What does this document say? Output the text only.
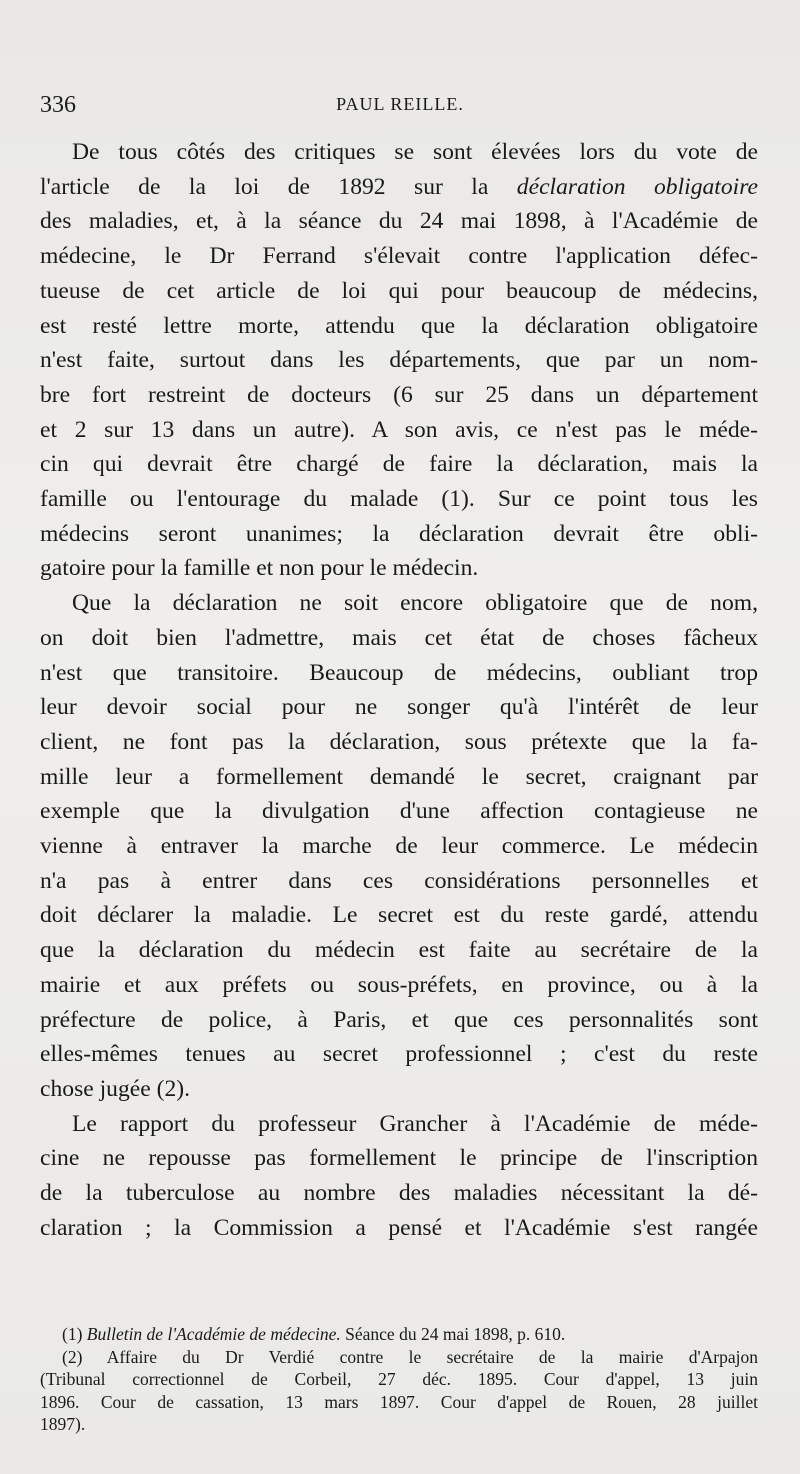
336	PAUL REILLE.
De tous côtés des critiques se sont élevées lors du vote de
l'article de la loi de 1892 sur la déclaration obligatoire
des maladies, et, à la séance du 24 mai 1898, à l'Académie de
médecine, le Dr Ferrand s'élevait contre l'application défec-
tueuse de cet article de loi qui pour beaucoup de médecins,
est resté lettre morte, attendu que la déclaration obligatoire
n'est faite, surtout dans les départements, que par un nom-
bre fort restreint de docteurs (6 sur 25 dans un département
et 2 sur 13 dans un autre). A son avis, ce n'est pas le méde-
cin qui devrait être chargé de faire la déclaration, mais la
famille ou l'entourage du malade (1). Sur ce point tous les
médecins seront unanimes; la déclaration devrait être obli-
gatoire pour la famille et non pour le médecin.
Que la déclaration ne soit encore obligatoire que de nom,
on doit bien l'admettre, mais cet état de choses fâcheux
n'est que transitoire. Beaucoup de médecins, oubliant trop
leur devoir social pour ne songer qu'à l'intérêt de leur
client, ne font pas la déclaration, sous prétexte que la fa-
mille leur a formellement demandé le secret, craignant par
exemple que la divulgation d'une affection contagieuse ne
vienne à entraver la marche de leur commerce. Le médecin
n'a pas à entrer dans ces considérations personnelles et
doit déclarer la maladie. Le secret est du reste gardé, attendu
que la déclaration du médecin est faite au secrétaire de la
mairie et aux préfets ou sous-préfets, en province, ou à la
préfecture de police, à Paris, et que ces personnalités sont
elles-mêmes tenues au secret professionnel ; c'est du reste
chose jugée (2).
Le rapport du professeur Grancher à l'Académie de méde-
cine ne repousse pas formellement le principe de l'inscription
de la tuberculose au nombre des maladies nécessitant la dé-
claration ; la Commission a pensé et l'Académie s'est rangée
(1) Bulletin de l'Académie de médecine. Séance du 24 mai 1898, p. 610.
(2) Affaire du Dr Verdié contre le secrétaire de la mairie d'Arpajon
(Tribunal correctionnel de Corbeil, 27 déc. 1895. Cour d'appel, 13 juin
1896. Cour de cassation, 13 mars 1897. Cour d'appel de Rouen, 28 juillet
1897).
